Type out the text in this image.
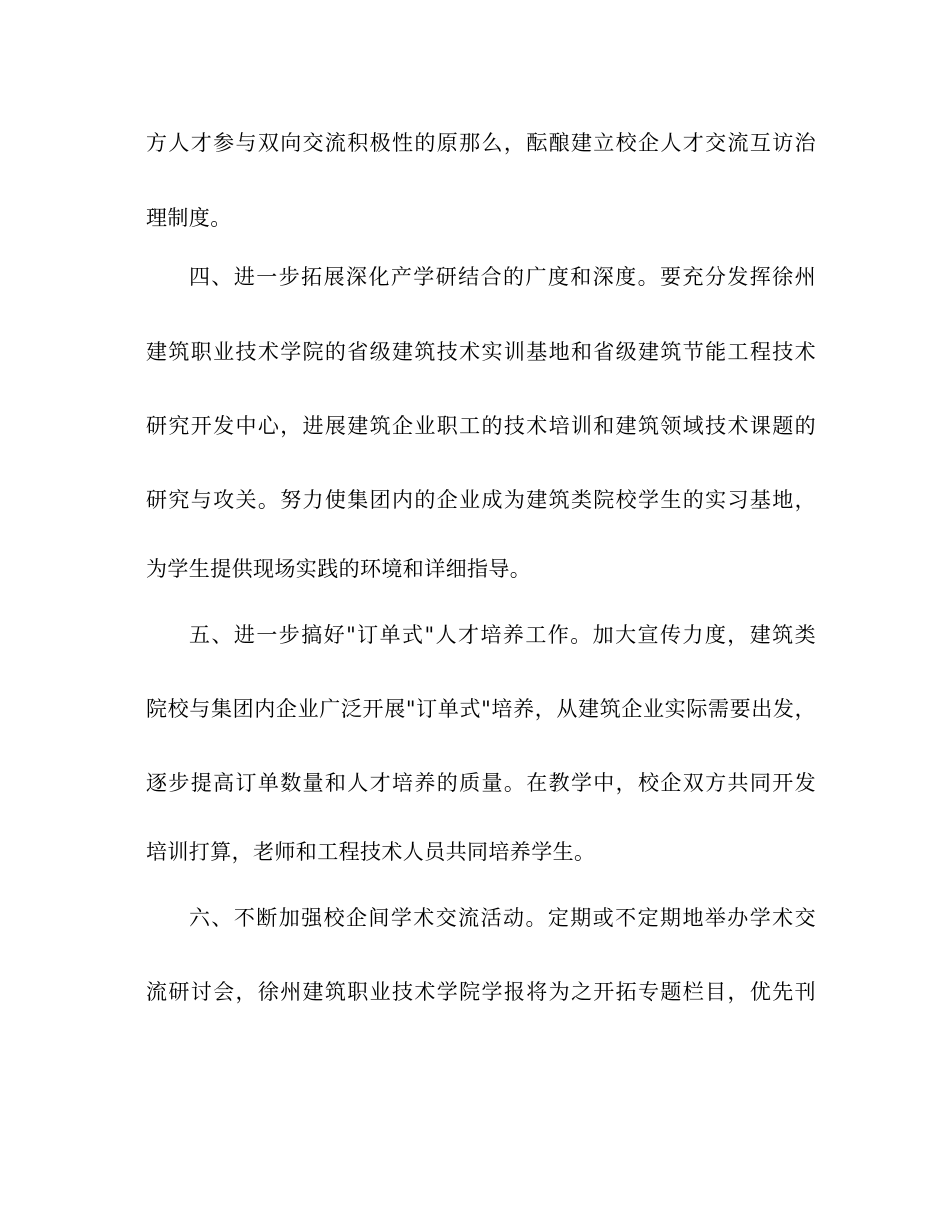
方人才参与双向交流积极性的原那么，酝酿建立校企人才交流互访治
理制度。
四、进一步拓展深化产学研结合的广度和深度。要充分发挥徐州
建筑职业技术学院的省级建筑技术实训基地和省级建筑节能工程技术
研究开发中心，进展建筑企业职工的技术培训和建筑领域技术课题的
研究与攻关。努力使集团内的企业成为建筑类院校学生的实习基地，
为学生提供现场实践的环境和详细指导。
五、进一步搞好"订单式"人才培养工作。加大宣传力度，建筑类
院校与集团内企业广泛开展"订单式"培养，从建筑企业实际需要出发，
逐步提高订单数量和人才培养的质量。在教学中，校企双方共同开发
培训打算，老师和工程技术人员共同培养学生。
六、不断加强校企间学术交流活动。定期或不定期地举办学术交
流研讨会，徐州建筑职业技术学院学报将为之开拓专题栏目，优先刊
